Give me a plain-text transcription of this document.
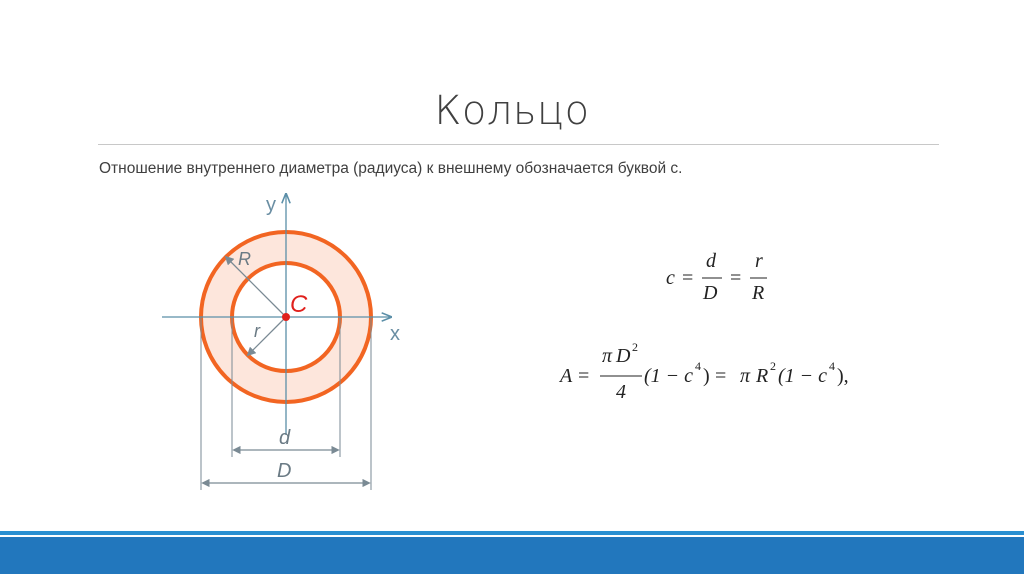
Кольцо
Отношение внутреннего диаметра (радиуса) к внешнему обозначается буквой с.
y
x
R
r
C
d
D
c =
d
D
=
r
R
A =
π D 2
4
(1 − c 4 ) = π R 2 (1 − c 4 ),
